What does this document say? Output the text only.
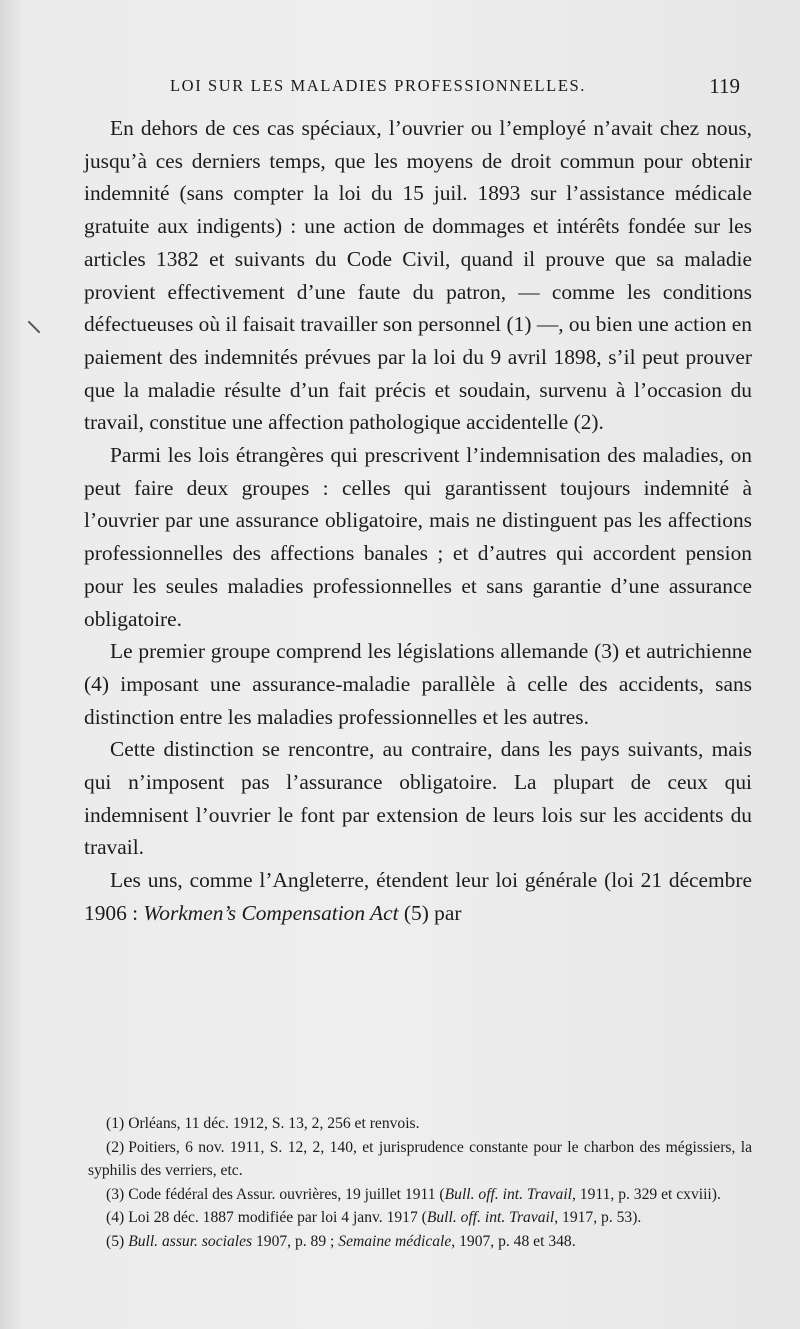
LOI SUR LES MALADIES PROFESSIONNELLES.	119

En dehors de ces cas spéciaux, l’ouvrier ou l’employé n’avait chez nous, jusqu’à ces derniers temps, que les moyens de droit commun pour obtenir indemnité (sans compter la loi du 15 juil. 1893 sur l’assistance médicale gratuite aux indigents) : une action de dommages et intérêts fondée sur les articles 1382 et suivants du Code Civil, quand il prouve que sa maladie provient effectivement d’une faute du patron, — comme les conditions défectueuses où il faisait travailler son personnel (1) —, ou bien une action en paiement des indemnités prévues par la loi du 9 avril 1898, s’il peut prouver que la maladie résulte d’un fait précis et soudain, survenu à l’occasion du travail, constitue une affection pathologique accidentelle (2).

Parmi les lois étrangères qui prescrivent l’indemnisation des maladies, on peut faire deux groupes : celles qui garantissent toujours indemnité à l’ouvrier par une assurance obligatoire, mais ne distinguent pas les affections professionnelles des affections banales ; et d’autres qui accordent pension pour les seules maladies professionnelles et sans garantie d’une assurance obligatoire.

Le premier groupe comprend les législations allemande (3) et autrichienne (4) imposant une assurance-maladie parallèle à celle des accidents, sans distinction entre les maladies professionnelles et les autres.

Cette distinction se rencontre, au contraire, dans les pays suivants, mais qui n’imposent pas l’assurance obligatoire. La plupart de ceux qui indemnisent l’ouvrier le font par extension de leurs lois sur les accidents du travail.

Les uns, comme l’Angleterre, étendent leur loi générale (loi 21 décembre 1906 : Workmen’s Compensation Act (5) par

(1) Orléans, 11 déc. 1912, S. 13, 2, 256 et renvois.

(2) Poitiers, 6 nov. 1911, S. 12, 2, 140, et jurisprudence constante pour le charbon des mégissiers, la syphilis des verriers, etc.

(3) Code fédéral des Assur. ouvrières, 19 juillet 1911 (Bull. off. int. Travail, 1911, p. 329 et cxviii).

(4) Loi 28 déc. 1887 modifiée par loi 4 janv. 1917 (Bull. off. int. Travail, 1917, p. 53).

(5) Bull. assur. sociales 1907, p. 89 ; Semaine médicale, 1907, p. 48 et 348.
